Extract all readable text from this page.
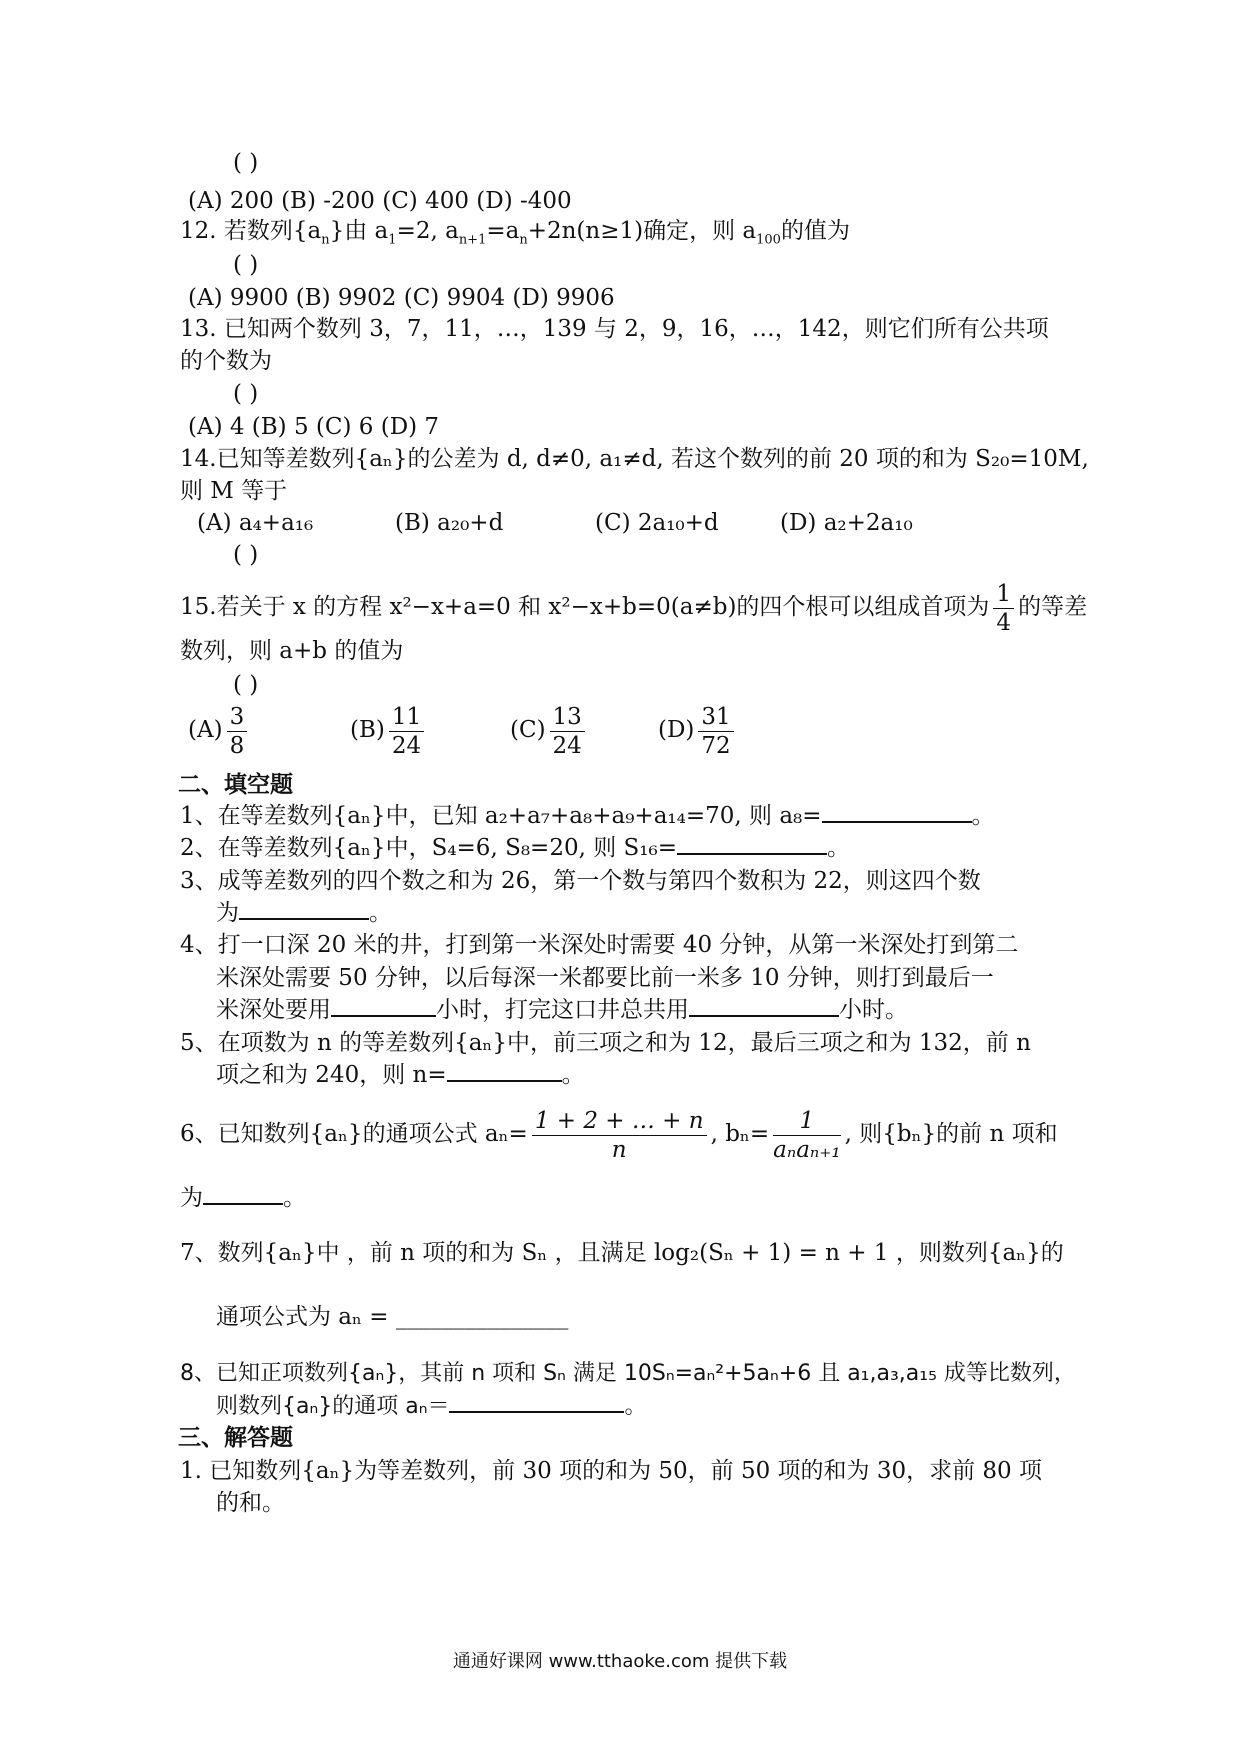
( )
(A) 200 (B) -200 (C) 400 (D) -400
12. 若数列$\{a_n\}$由 $a_1=2$, $a_{n+1}=a_n+2n(n\ge 1)$确定，则 $a_{100}$的值为
( )
(A) 9900 (B) 9902 (C) 9904 (D) 9906
13. 已知两个数列 3，7，11，…，139 与 2，9，16，…，142，则它们所有公共项
的个数为
( )
(A) 4 (B) 5 (C) 6 (D) 7
14.已知等差数列{aₙ}的公差为 d, d≠0, a₁≠d, 若这个数列的前 20 项的和为 S₂₀=10M,
则 M 等于
(A) a₄+a₁₆	(B) a₂₀+d	(C) 2a₁₀+d	(D) a₂+2a₁₀
( )
15.若关于 x 的方程 x²−x+a=0 和 x²−x+b=0(a≠b)的四个根可以组成首项为 $\frac{1}{4}$ 的等差
数列，则 a+b 的值为
( )
$(A) \frac{3}{8}$	$(B) \frac{11}{24}$	$(C) \frac{13}{24}$	$(D) \frac{31}{72}$
二、填空题
1、在等差数列{aₙ}中，已知 a₂+a₇+a₈+a₉+a₁₄=70, 则 a₈=	。
2、在等差数列{aₙ}中，S₄=6, S₈=20, 则 S₁₆=	。
3、成等差数列的四个数之和为 26，第一个数与第四个数积为 22，则这四个数
为	。
4、打一口深 20 米的井，打到第一米深处时需要 40 分钟，从第一米深处打到第二
米深处需要 50 分钟，以后每深一米都要比前一米多 10 分钟，则打到最后一
米深处要用	小时，打完这口井总共用	小时。
5、在项数为 n 的等差数列{aₙ}中，前三项之和为 12，最后三项之和为 132，前 n
项之和为 240，则 n=	。
6、已知数列{aₙ}的通项公式 $a_n= \frac{1 + 2 + \dots + n}{n}$ , $b_n= \frac{1}{\text{aₙaₙ₊₁}}$ , 则{bₙ}的前 n 项和
为	。
7、数列{aₙ}中 ，前 n 项的和为 Sₙ ，且满足 log₂(Sₙ + 1) = n + 1 ，则数列{aₙ}的
通项公式为 aₙ = _______________
8、已知正项数列{aₙ}，其前 n 项和 Sₙ 满足 10Sₙ=aₙ²+5aₙ+6 且 a₁,a₃,a₁₅ 成等比数列，
则数列{aₙ}的通项 aₙ＝	。
三、解答题
1. 已知数列{aₙ}为等差数列，前 30 项的和为 50，前 50 项的和为 30，求前 80 项
的和。
通通好课网 www.tthaoke.com 提供下载
